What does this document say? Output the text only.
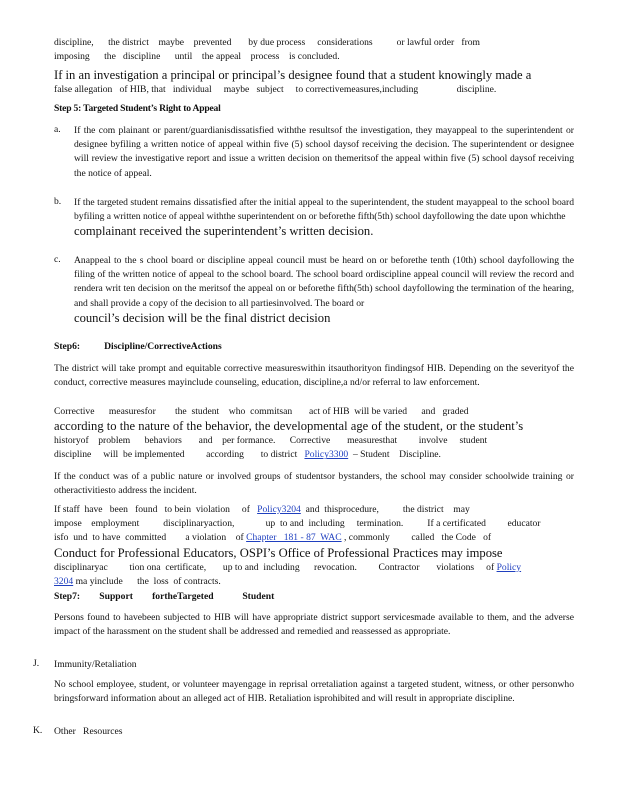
discipline,      the district    maybe    prevented       by due process     considerations          or lawful order   from
imposing      the   discipline      until    the appeal    process    is concluded.
If in an investigation a principal or principal’s designee found that a student knowingly made a
false allegation   of HIB, that   individual     maybe   subject     to correctivemeasures,including                discipline.
Step 5: Targeted Student’s Right to Appeal
a. If the com plainant or parent/guardianisdissatisfied withthe resultsof the investigation, they mayappeal to the superintendent or designee byfiling a written notice of appeal within five (5) school daysof receiving the decision. The superintendent or designee will review the investigative report and issue a written decision on themeritsof the appeal within five (5) school daysof receiving the notice of appeal.
b. If the targeted student remains dissatisfied after the initial appeal to the superintendent, the student mayappeal to the school board byfiling a written notice of appeal withthe superintendent on or beforethe fifth(5th) school dayfollowing the date upon whichthe
complainant received the superintendent’s written decision.
c. Anappeal to the s chool board or discipline appeal council must be heard on or beforethe tenth (10th) school dayfollowing the filing of the written notice of appeal to the school board. The school board ordiscipline appeal council will review the record and rendera writ ten decision on the meritsof the appeal on or beforethe fifth(5th) school dayfollowing the termination of the hearing, and shall provide a copy of the decision to all partiesinvolved. The board or
council’s decision will be the final district decision
Step6:          Discipline/CorrectiveActions
The district will take prompt and equitable corrective measureswithin itsauthorityon findingsof HIB. Depending on the severityof the conduct, corrective measures mayinclude counseling, education, discipline,a nd/or referral to law enforcement.
Corrective      measuresfor        the  student    who  commitsan       act of HIB  will be varied      and   graded
according to the nature of the behavior, the developmental age of the student, or the student’s
historyof    problem      behaviors       and    per formance.      Corrective       measuresthat         involve     student
discipline     will  be implemented         according       to district Policy3300  – Student    Discipline.
If the conduct was of a public nature or involved groups of studentsor bystanders, the school may consider schoolwide training or otheractivitiesto address the incident.
If staff  have   been   found   to bein  violation     of Policy3204  and  thisprocedure,          the district    may
impose    employment          disciplinaryaction,             up  to and  including     termination.          If a certificated         educator
isfo  und  to have  committed        a violation    of Chapter   181 - 87  WAC , commonly         called   the Code   of
Conduct for Professional Educators, OSPI’s Office of Professional Practices may impose
disciplinaryac         tion ona  certificate,       up to and  including      revocation.         Contractor       violations     of Policy
3204 ma yinclude      the  loss  of contracts.
Step7:        Support        fortheTargeted            Student
Persons found to havebeen subjected to HIB will have appropriate district support servicesmade available to them, and the adverse impact of the harassment on the student shall be addressed and remedied and reassessed as appropriate.
J. Immunity/Retaliation
No school employee, student, or volunteer mayengage in reprisal orretaliation against a targeted student, witness, or other personwho bringsforward information about an alleged act of HIB. Retaliation isprohibited and will result in appropriate discipline.
K. Other   Resources
